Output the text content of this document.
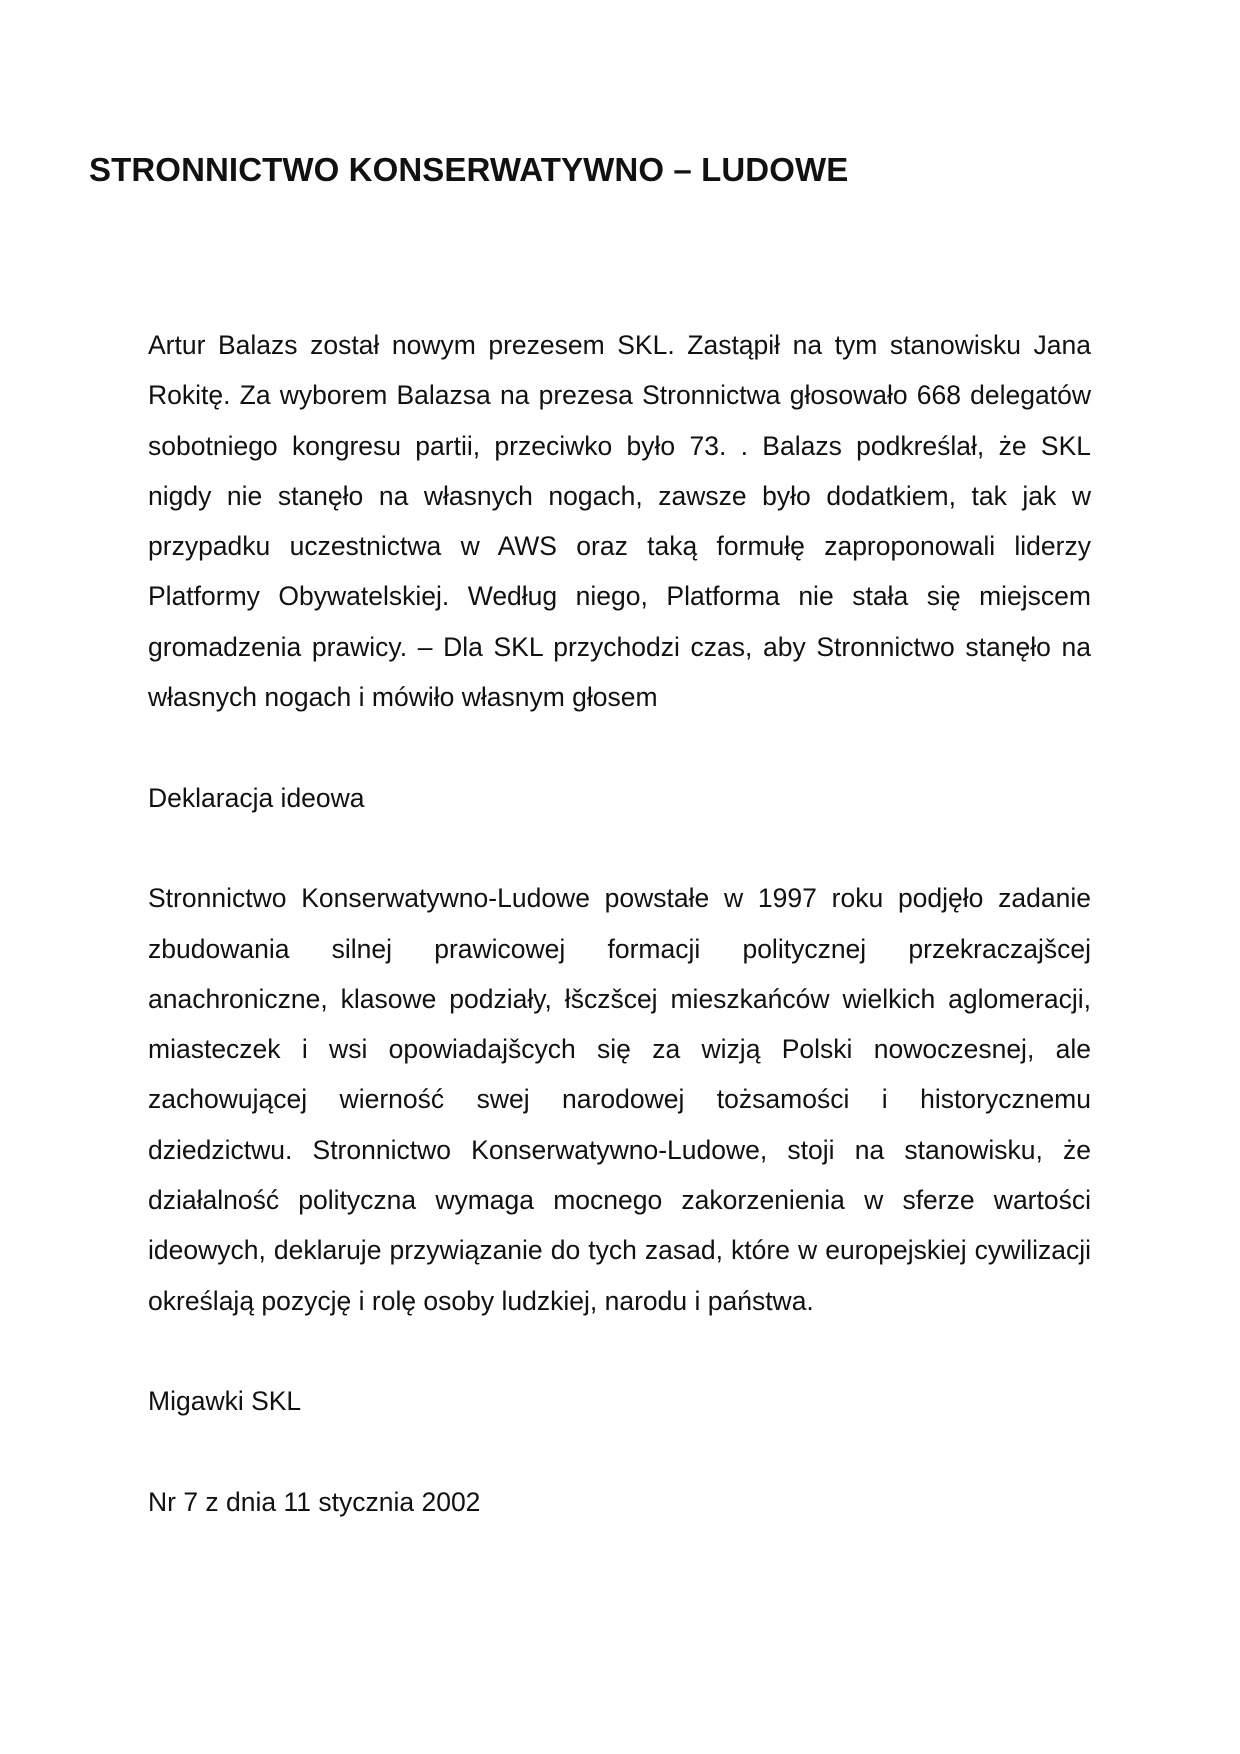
STRONNICTWO KONSERWATYWNO – LUDOWE

Artur Balazs został nowym prezesem SKL. Zastąpił na tym stanowisku Jana Rokitę. Za wyborem Balazsa na prezesa Stronnictwa głosowało 668 delegatów sobotniego kongresu partii, przeciwko było 73. . Balazs podkreślał, że SKL nigdy nie stanęło na własnych nogach, zawsze było dodatkiem, tak jak w przypadku uczestnictwa w AWS oraz taką formułę zaproponowali liderzy Platformy Obywatelskiej. Według niego, Platforma nie stała się miejscem gromadzenia prawicy. – Dla SKL przychodzi czas, aby Stronnictwo stanęło na własnych nogach i mówiło własnym głosem

Deklaracja ideowa

Stronnictwo Konserwatywno-Ludowe powstałe w 1997 roku podjęło zadanie zbudowania silnej prawicowej formacji politycznej przekraczajšcej anachroniczne, klasowe podziały, łšczšcej mieszkańców wielkich aglomeracji, miasteczek i wsi opowiadajšcych się za wizją Polski nowoczesnej, ale zachowującej wierność swej narodowej tożsamości i historycznemu dziedzictwu. Stronnictwo Konserwatywno-Ludowe, stoji na stanowisku, że działalność polityczna wymaga mocnego zakorzenienia w sferze wartości ideowych, deklaruje przywiązanie do tych zasad, które w europejskiej cywilizacji określają pozycję i rolę osoby ludzkiej, narodu i państwa.

Migawki SKL

Nr 7 z dnia 11 stycznia 2002
